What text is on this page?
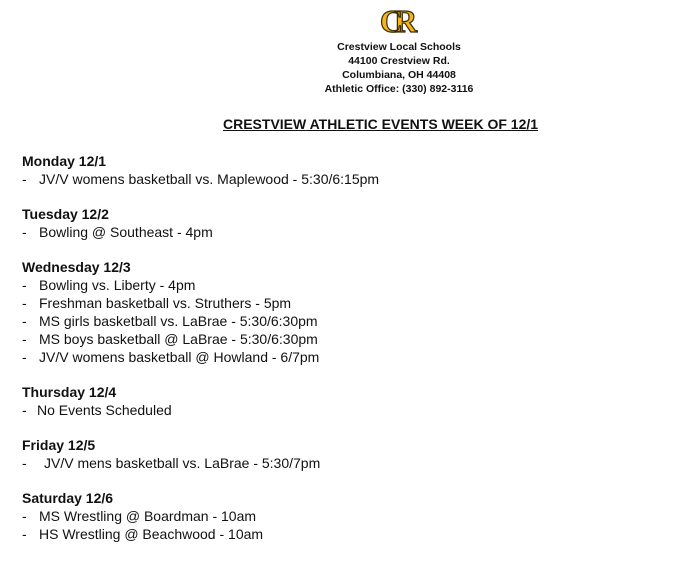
CR
Crestview Local Schools
44100 Crestview Rd.
Columbiana, OH 44408
Athletic Office: (330) 892-3116
CRESTVIEW ATHLETIC EVENTS WEEK OF 12/1
Monday 12/1
- JV/V womens basketball vs. Maplewood - 5:30/6:15pm
Tuesday 12/2
- Bowling @ Southeast - 4pm
Wednesday 12/3
- Bowling vs. Liberty - 4pm
- Freshman basketball vs. Struthers - 5pm
- MS girls basketball vs. LaBrae - 5:30/6:30pm
- MS boys basketball @ LaBrae - 5:30/6:30pm
- JV/V womens basketball @ Howland - 6/7pm
Thursday 12/4
- No Events Scheduled
Friday 12/5
-	JV/V mens basketball vs. LaBrae - 5:30/7pm
Saturday 12/6
- MS Wrestling @ Boardman - 10am
- HS Wrestling @ Beachwood - 10am
